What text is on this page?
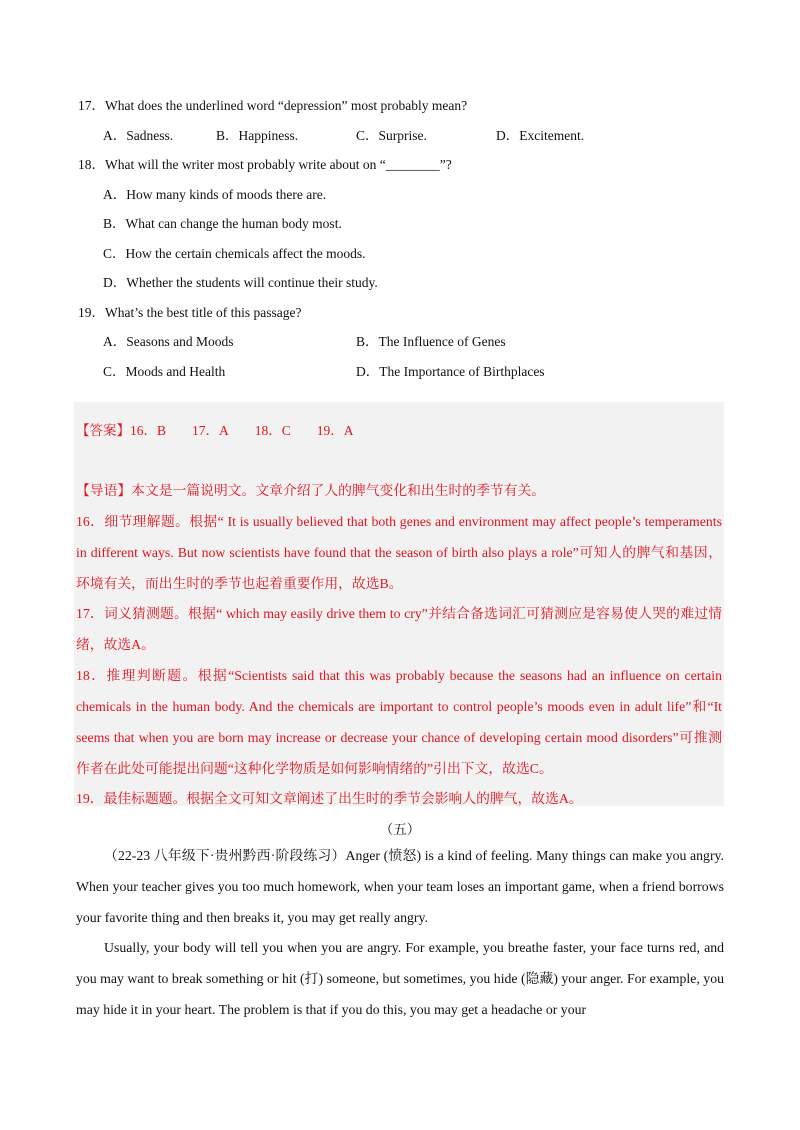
17．What does the underlined word “depression” most probably mean?
A．Sadness.	B．Happiness.	C．Surprise.	D．Excitement.
18．What will the writer most probably write about on “________”?
A．How many kinds of moods there are.
B．What can change the human body most.
C．How the certain chemicals affect the moods.
D．Whether the students will continue their study.
19．What’s the best title of this passage?
A．Seasons and Moods	B．The Influence of Genes
C．Moods and Health	D．The Importance of Birthplaces
【答案】16．B 17．A 18．C 19．A
【导语】本文是一篇说明文。文章介绍了人的脾气变化和出生时的季节有关。
16．细节理解题。根据“ It is usually believed that both genes and environment may affect people’s temperaments in different ways. But now scientists have found that the season of birth also plays a role”可知人的脾气和基因，环境有关，而出生时的季节也起着重要作用，故选B。
17．词义猜测题。根据“ which may easily drive them to cry”并结合备选词汇可猜测应是容易使人哭的难过情绪，故选A。
18．推理判断题。根据“Scientists said that this was probably because the seasons had an influence on certain chemicals in the human body. And the chemicals are important to control people’s moods even in adult life”和“It seems that when you are born may increase or decrease your chance of developing certain mood disorders”可推测作者在此处可能提出问题“这种化学物质是如何影响情绪的”引出下文，故选C。
19．最佳标题题。根据全文可知文章阐述了出生时的季节会影响人的脾气，故选A。
（五）
（22-23 八年级下·贵州黔西·阶段练习）Anger (愤怒) is a kind of feeling. Many things can make you angry. When your teacher gives you too much homework, when your team loses an important game, when a friend borrows your favorite thing and then breaks it, you may get really angry.
Usually, your body will tell you when you are angry. For example, you breathe faster, your face turns red, and you may want to break something or hit (打) someone, but sometimes, you hide (隐藏) your anger. For example, you may hide it in your heart. The problem is that if you do this, you may get a headache or your
